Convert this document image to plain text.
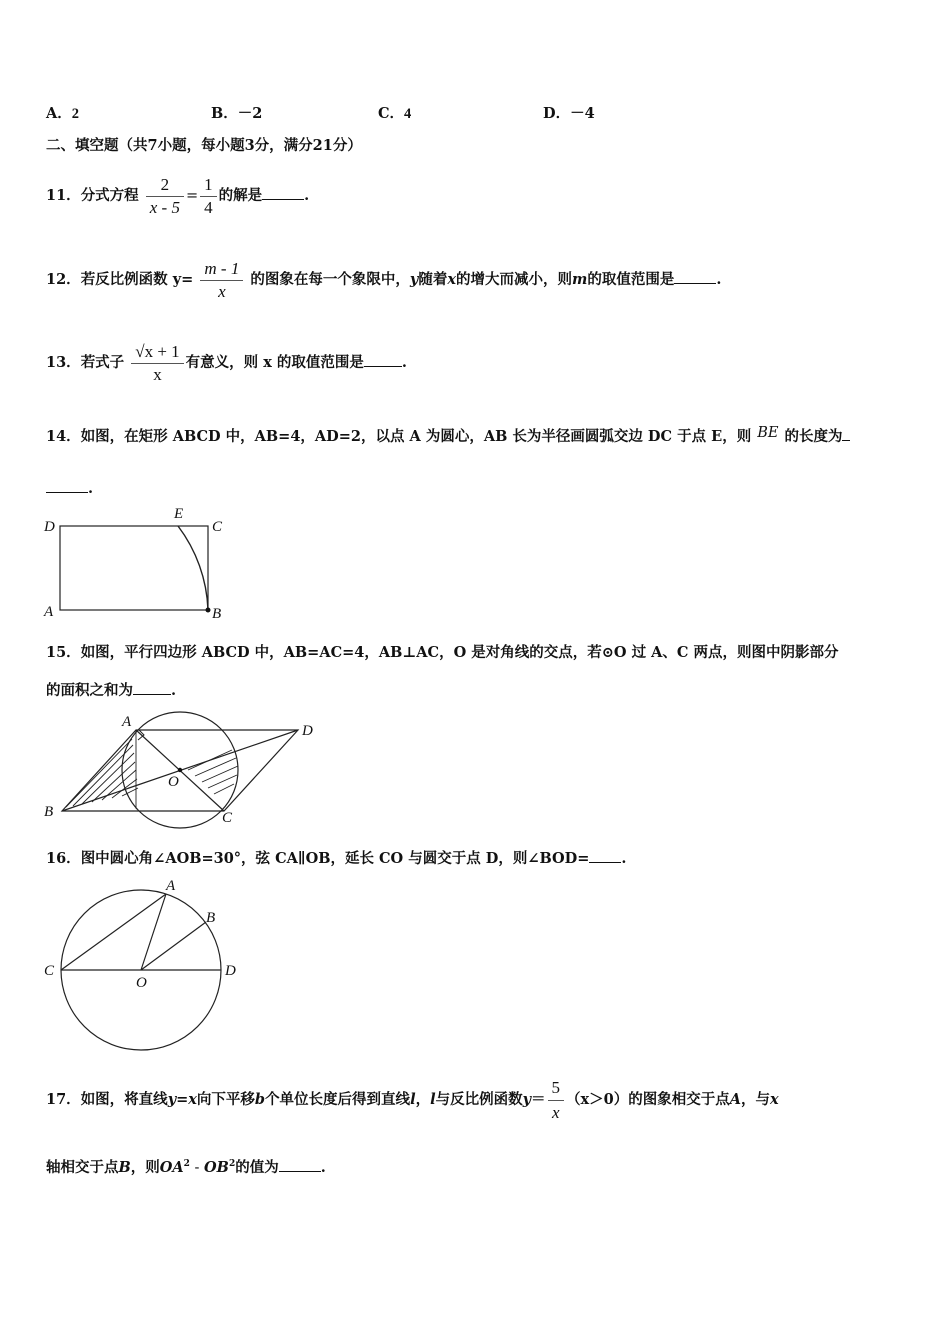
A．2	B．－2	C．4	D．－4
二、填空题（共7小题，每小题3分，满分21分）
11．分式方程 $\frac{2}{x - 5} = \frac{1}{4}$ 的解是	.
12．若反比例函数 $y= \frac{m - 1}{x}$ 的图象在每一个象限中，y随着x的增大而减小，则m的取值范围是	.
13．若式子 $\frac{√x + 1}{x}$ 有意义，则 x 的取值范围是	.
14．如图，在矩形 ABCD 中，AB=4，AD=2，以点 A 为圆心，AB 长为半径画圆弧交边 DC 于点 E，则 BE 的长度为
.
D
E
C
A	B
15．如图，平行四边形 ABCD 中，AB=AC=4，AB⊥AC，O 是对角线的交点，若⊙O 过 A、C 两点，则图中阴影部分
的面积之和为	.
A
D
O
B	C
16．图中圆心角∠AOB=30°，弦 CA∥OB，延长 CO 与圆交于点 D，则∠BOD= .
A
B
C
O
D
17．如图，将直线y=x向下平移b个单位长度后得到直线l，l与反比例函数$y= \frac{5}{x} (x>0)$的图象相交于点A，与x
轴相交于点B，则$OA^2 - OB^2$的值为	.
